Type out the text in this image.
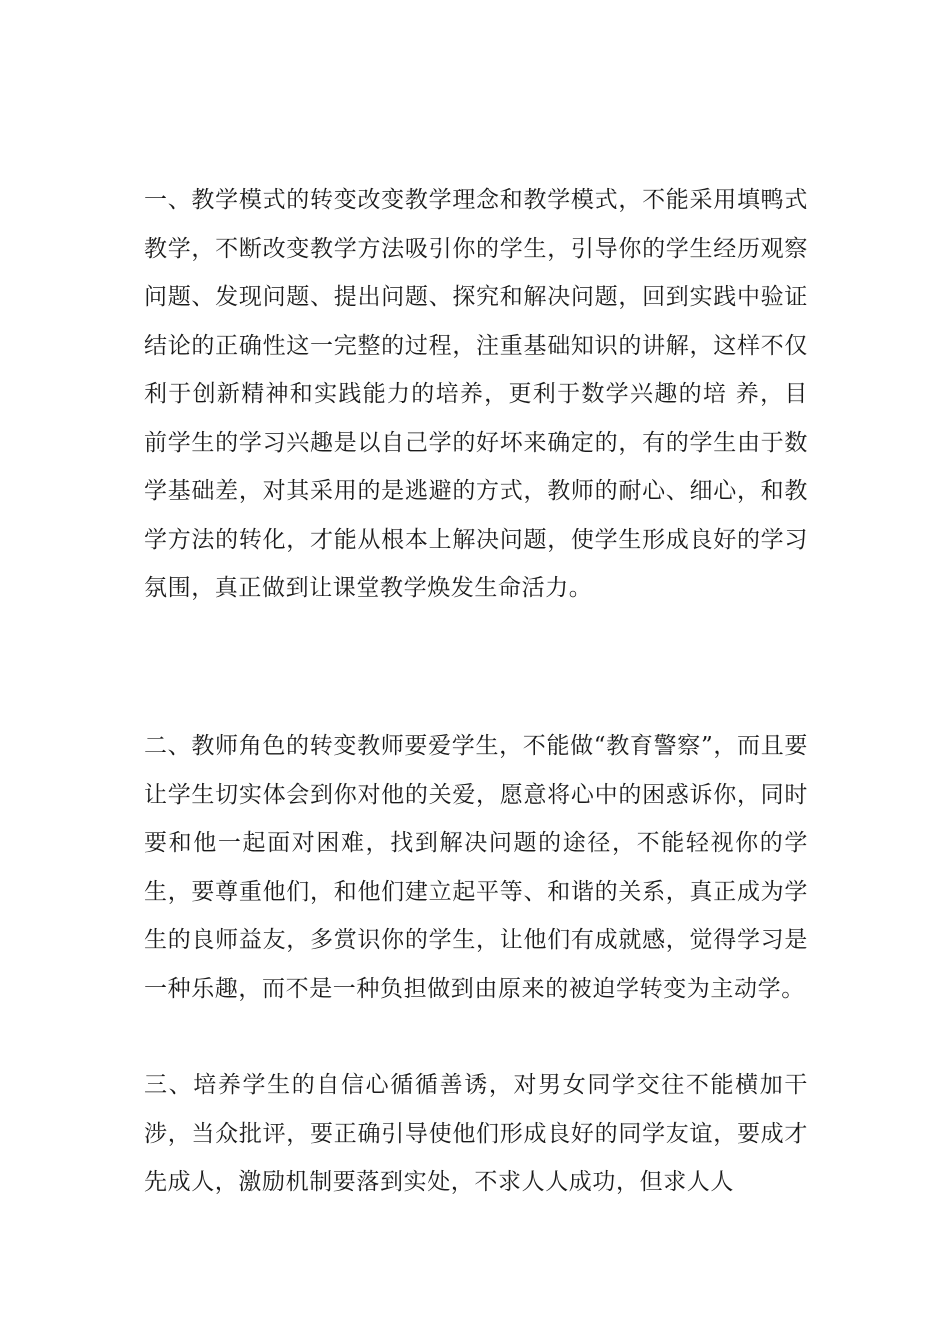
一、教学模式的转变改变教学理念和教学模式，不能采用填鸭式教学，不断改变教学方法吸引你的学生，引导你的学生经历观察问题、发现问题、提出问题、探究和解决问题，回到实践中验证结论的正确性这一完整的过程，注重基础知识的讲解，这样不仅利于创新精神和实践能力的培养，更利于数学兴趣的培 养，目前学生的学习兴趣是以自己学的好坏来确定的，有的学生由于数学基础差，对其采用的是逃避的方式，教师的耐心、细心，和教学方法的转化，才能从根本上解决问题，使学生形成良好的学习氛围，真正做到让课堂教学焕发生命活力。

二、教师角色的转变教师要爱学生，不能做“教育警察”，而且要让学生切实体会到你对他的关爱，愿意将心中的困惑诉你，同时要和他一起面对困难，找到解决问题的途径，不能轻视你的学生，要尊重他们，和他们建立起平等、和谐的关系，真正成为学生的良师益友，多赏识你的学生，让他们有成就感，觉得学习是一种乐趣，而不是一种负担做到由原来的被迫学转变为主动学。

三、培养学生的自信心循循善诱，对男女同学交往不能横加干涉，当众批评，要正确引导使他们形成良好的同学友谊，要成才先成人，激励机制要落到实处，不求人人成功，但求人人
